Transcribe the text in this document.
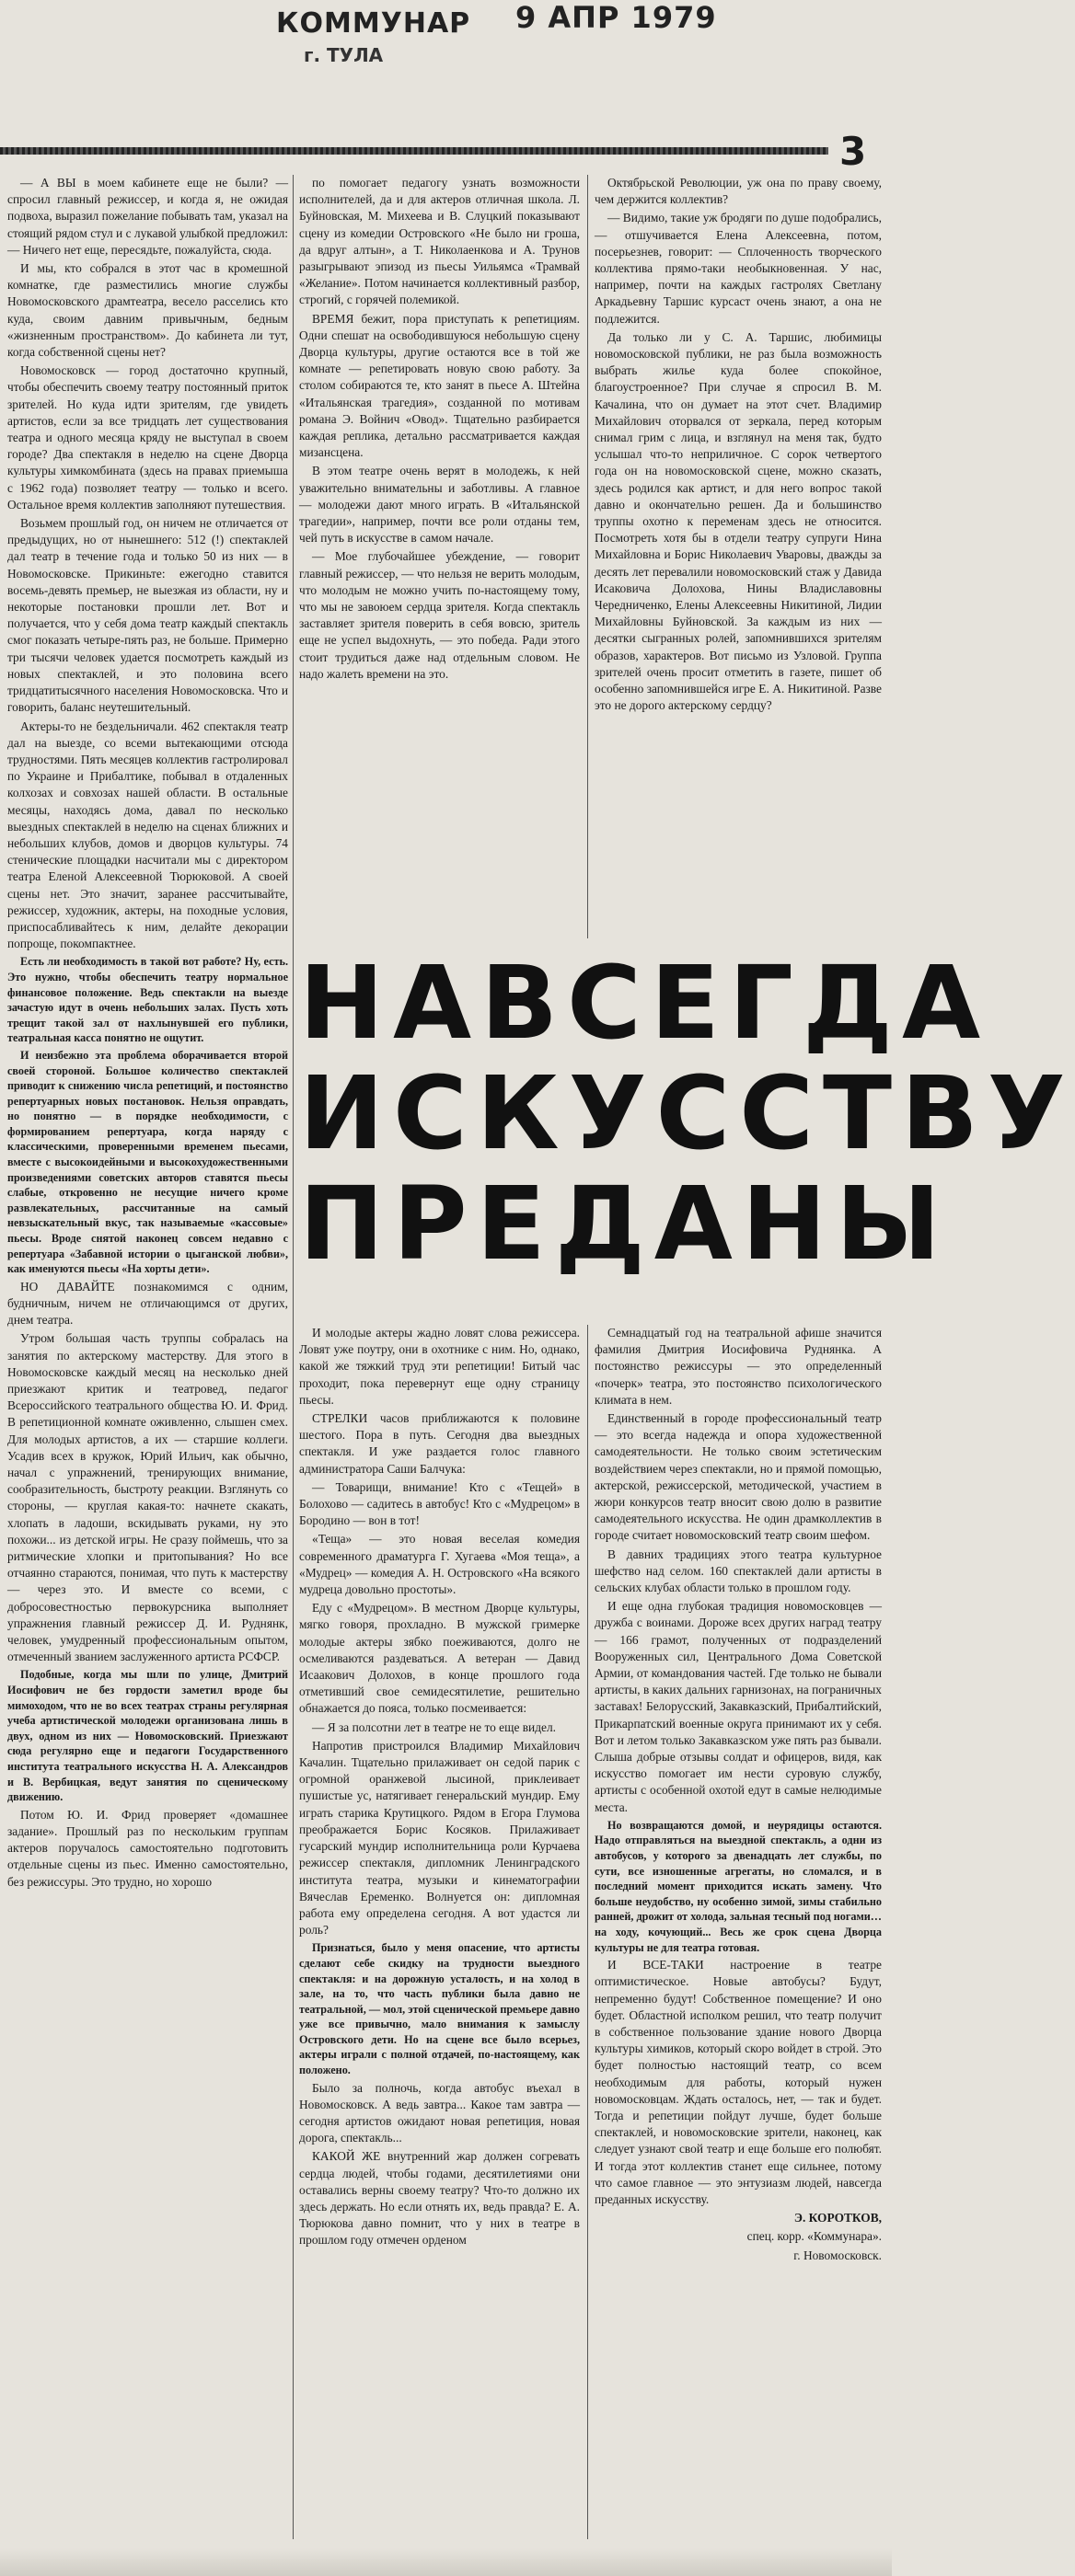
КОММУНАР
г. ТУЛА
9 АПР 1979
3

— А ВЫ в моем кабинете еще не были? — спросил главный режиссер, и когда я, не ожидая подвоха, выразил пожелание побывать там, указал на стоящий рядом стул и с лукавой улыбкой предложил: — Ничего нет еще, пересядьте, пожалуйста, сюда.

И мы, кто собрался в этот час в кромешной комнатке, где разместились многие службы Новомосковского драмтеатра, весело расселись кто куда, своим давним привычным, бедным «жизненным пространством». До кабинета ли тут, когда собственной сцены нет?

Новомосковск — город достаточно крупный, чтобы обеспечить своему театру постоянный приток зрителей. Но куда идти зрителям, где увидеть артистов, если за все тридцать лет существования театра и одного месяца кряду не выступал в своем городе? Два спектакля в неделю на сцене Дворца культуры химкомбината (здесь на правах приемыша с 1962 года) позволяет театру — только и всего. Остальное время коллектив заполняют путешествия.

Возьмем прошлый год, он ничем не отличается от предыдущих, но от нынешнего: 512 (!) спектаклей дал театр в течение года и только 50 из них — в Новомосковске. Прикиньте: ежегодно ставится восемь-девять премьер, не выезжая из области, ну и некоторые постановки прошли лет. Вот и получается, что у себя дома театр каждый спектакль смог показать четыре-пять раз, не больше. Примерно три тысячи человек удается посмотреть каждый из новых спектаклей, и это половина всего тридцатитысячного населения Новомосковска. Что и говорить, баланс неутешительный.

Актеры-то не бездельничали. 462 спектакля театр дал на выезде, со всеми вытекающими отсюда трудностями. Пять месяцев коллектив гастролировал по Украине и Прибалтике, побывал в отдаленных колхозах и совхозах нашей области. В остальные месяцы, находясь дома, давал по несколько выездных спектаклей в неделю на сценах ближних и небольших клубов, домов и дворцов культуры. 74 стенические площадки насчитали мы с директором театра Еленой Алексеевной Тюрюковой. А своей сцены нет. Это значит, заранее рассчитывайте, режиссер, художник, актеры, на походные условия, приспосабливайтесь к ним, делайте декорации попроще, покомпактнее.

Есть ли необходимость в такой вот работе? Ну, есть. Это нужно, чтобы обеспечить театру нормальное финансовое положение. Ведь спектакли на выезде зачастую идут в очень небольших залах. Пусть хоть трещит такой зал от нахлынувшей его публики, театральная касса понятно не ощутит.

И неизбежно эта проблема оборачивается второй своей стороной. Большое количество спектаклей приводит к снижению числа репетиций, и постоянство репертуарных новых постановок. Нельзя оправдать, но понятно — в порядке необходимости, с формированием репертуара, когда наряду с классическими, проверенными временем пьесами, вместе с высокоидейными и высокохудожественными произведениями советских авторов ставятся пьесы слабые, откровенно не несущие ничего кроме развлекательных, рассчитанные на самый невзыскательный вкус, так называемые «кассовые» пьесы. Вроде снятой наконец совсем недавно с репертуара «Забавной истории о цыганской любви», как именуются пьесы «На хорты дети».

НО ДАВАЙТЕ познакомимся с одним, будничным, ничем не отличающимся от других, днем театра.

Утром большая часть труппы собралась на занятия по актерскому мастерству. Для этого в Новомосковске каждый месяц на несколько дней приезжают критик и театровед, педагог Всероссийского театрального общества Ю. И. Фрид. В репетиционной комнате оживленно, слышен смех. Для молодых артистов, а их — старшие коллеги. Усадив всех в кружок, Юрий Ильич, как обычно, начал с упражнений, тренирующих внимание, сообразительность, быстроту реакции. Взглянуть со стороны, — круглая какая-то: начнете скакать, хлопать в ладоши, вскидывать руками, ну это похожи... из детской игры. Не сразу поймешь, что за ритмические хлопки и притопывания? Но все отчаянно стараются, понимая, что путь к мастерству — через это. И вместе со всеми, с добросовестностью первокурсника выполняет упражнения главный режиссер Д. И. Руднянк, человек, умудренный профессиональным опытом, отмеченный званием заслуженного артиста РСФСР.

Подобные, когда мы шли по улице, Дмитрий Иосифович не без гордости заметил вроде бы мимоходом, что не во всех театрах страны регулярная учеба артистической молодежи организована лишь в двух, одном из них — Новомосковский. Приезжают сюда регулярно еще и педагоги Государственного института театрального искусства Н. А. Александров и В. Вербицкая, ведут занятия по сценическому движению.

Потом Ю. И. Фрид проверяет «домашнее задание». Прошлый раз по нескольким группам актеров поручалось самостоятельно подготовить отдельные сцены из пьес. Именно самостоятельно, без режиссуры. Это трудно, но хорошо

по помогает педагогу узнать возможности исполнителей, да и для актеров отличная школа. Л. Буйновская, М. Михеева и В. Слуцкий показывают сцену из комедии Островского «Не было ни гроша, да вдруг алтын», а Т. Николаенкова и А. Трунов разыгрывают эпизод из пьесы Уильямса «Трамвай «Желание». Потом начинается коллективный разбор, строгий, с горячей полемикой.

ВРЕМЯ бежит, пора приступать к репетициям. Одни спешат на освободившуюся небольшую сцену Дворца культуры, другие остаются все в той же комнате — репетировать новую свою работу. За столом собираются те, кто занят в пьесе А. Штейна «Итальянская трагедия», созданной по мотивам романа Э. Войнич «Овод». Тщательно разбирается каждая реплика, детально рассматривается каждая мизансцена.

В этом театре очень верят в молодежь, к ней уважительно внимательны и заботливы. А главное — молодежи дают много играть. В «Итальянской трагедии», например, почти все роли отданы тем, чей путь в искусстве в самом начале.

— Мое глубочайшее убеждение, — говорит главный режиссер, — что нельзя не верить молодым, что молодым не можно учить по-настоящему тому, что мы не завоюем сердца зрителя. Когда спектакль заставляет зрителя поверить в себя вовсю, зритель еще не успел выдохнуть, — это победа. Ради этого стоит трудиться даже над отдельным словом. Не надо жалеть времени на это.

Октябрьской Революции, уж она по праву своему, чем держится коллектив?

— Видимо, такие уж бродяги по душе подобрались, — отшучивается Елена Алексеевна, потом, посерьезнев, говорит: — Сплоченность творческого коллектива прямо-таки необыкновенная. У нас, например, почти на каждых гастролях Светлану Аркадьевну Таршис курсаст очень знают, а она не подлежится.

Да только ли у С. А. Таршис, любимицы новомосковской публики, не раз была возможность выбрать жилье куда более спокойное, благоустроенное? При случае я спросил В. М. Качалина, что он думает на этот счет. Владимир Михайлович оторвался от зеркала, перед которым снимал грим с лица, и взглянул на меня так, будто услышал что-то неприличное. С сорок четвертого года он на новомосковской сцене, можно сказать, здесь родился как артист, и для него вопрос такой давно и окончательно решен. Да и большинство труппы охотно к переменам здесь не относится. Посмотреть хотя бы в отдели театру супруги Нина Михайловна и Борис Николаевич Уваровы, дважды за десять лет перевалили новомосковский стаж у Давида Исаковича Долохова, Нины Владиславовны Чередниченко, Елены Алексеевны Никитиной, Лидии Михайловны Буйновской. За каждым из них — десятки сыгранных ролей, запомнившихся зрителям образов, характеров. Вот письмо из Узловой. Группа зрителей очень просит отметить в газете, пишет об особенно запомнившейся игре Е. А. Никитиной. Разве это не дорого актерскому сердцу?

НАВСЕГДА
ИСКУССТВУ
ПРЕДАНЫ

И молодые актеры жадно ловят слова режиссера. Ловят уже поутру, они в охотнике с ним. Но, однако, какой же тяжкий труд эти репетиции! Битый час проходит, пока перевернут еще одну страницу пьесы.

СТРЕЛКИ часов приближаются к половине шестого. Пора в путь. Сегодня два выездных спектакля. И уже раздается голос главного администратора Саши Балчука:

— Товарищи, внимание! Кто с «Тещей» в Болохово — садитесь в автобус! Кто с «Мудрецом» в Бородино — вон в тот!

«Теща» — это новая веселая комедия современного драматурга Г. Хугаева «Моя теща», а «Мудрец» — комедия А. Н. Островского «На всякого мудреца довольно простоты».

Еду с «Мудрецом». В местном Дворце культуры, мягко говоря, прохладно. В мужской гримерке молодые актеры зябко поеживаются, долго не осмеливаются раздеваться. А ветеран — Давид Исаакович Долохов, в конце прошлого года отметивший свое семидесятилетие, решительно обнажается до пояса, только посмеивается:

— Я за полсотни лет в театре не то еще видел.

Напротив пристроился Владимир Михайлович Качалин. Тщательно прилаживает он седой парик с огромной оранжевой лысиной, приклеивает пушистые ус, натягивает генеральский мундир. Ему играть старика Крутицкого. Рядом в Егора Глумова преображается Борис Косяков. Прилаживает гусарский мундир исполнительница роли Курчаева режиссер спектакля, дипломник Ленинградского института театра, музыки и кинематографии Вячеслав Еременко. Волнуется он: дипломная работа ему определена сегодня. А вот удастся ли роль?

Признаться, было у меня опасение, что артисты сделают себе скидку на трудности выездного спектакля: и на дорожную усталость, и на холод в зале, на то, что часть публики была давно не театральной, — мол, этой сценической премьере давно уже все привычно, мало внимания к замыслу Островского дети. Но на сцене все было всерьез, актеры играли с полной отдачей, по-настоящему, как положено.

Было за полночь, когда автобус въехал в Новомосковск. А ведь завтра... Какое там завтра — сегодня артистов ожидают новая репетиция, новая дорога, спектакль...

КАКОЙ ЖЕ внутренний жар должен согревать сердца людей, чтобы годами, десятилетиями они оставались верны своему театру? Что-то должно их здесь держать. Но если отнять их, ведь правда? Е. А. Тюрюкова давно помнит, что у них в театре в прошлом году отмечен орденом

Семнадцатый год на театральной афише значится фамилия Дмитрия Иосифовича Руднянка. А постоянство режиссуры — это определенный «почерк» театра, это постоянство психологического климата в нем.

Единственный в городе профессиональный театр — это всегда надежда и опора художественной самодеятельности. Не только своим эстетическим воздействием через спектакли, но и прямой помощью, актерской, режиссерской, методической, участием в жюри конкурсов театр вносит свою долю в развитие самодеятельного искусства. Не один драмколлектив в городе считает новомосковский театр своим шефом.

В давних традициях этого театра культурное шефство над селом. 160 спектаклей дали артисты в сельских клубах области только в прошлом году.

И еще одна глубокая традиция новомосковцев — дружба с воинами. Дороже всех других наград театру — 166 грамот, полученных от подразделений Вооруженных сил, Центрального Дома Советской Армии, от командования частей. Где только не бывали артисты, в каких дальних гарнизонах, на пограничных заставах! Белорусский, Закавказский, Прибалтийский, Прикарпатский военные округа принимают их у себя. Вот и летом только Закавказском уже пять раз бывали. Слыша добрые отзывы солдат и офицеров, видя, как искусство помогает им нести суровую службу, артисты с особенной охотой едут в самые нелюдимые места.

Но возвращаются домой, и неурядицы остаются. Надо отправляться на выездной спектакль, а одни из автобусов, у которого за двенадцать лет службы, по сути, все изношенные агрегаты, но сломался, и в последний момент приходится искать замену. Что больше неудобство, ну особенно зимой, зимы стабильно ранней, дрожит от холода, зальная тесный под ногами… на ходу, кочующий... Весь же срок сцена Дворца культуры не для театра готовая.

И ВСЕ-ТАКИ настроение в театре оптимистическое. Новые автобусы? Будут, непременно будут! Собственное помещение? И оно будет. Областной исполком решил, что театр получит в собственное пользование здание нового Дворца культуры химиков, который скоро войдет в строй. Это будет полностью настоящий театр, со всем необходимым для работы, который нужен новомосковцам. Ждать осталось, нет, — так и будет. Тогда и репетиции пойдут лучше, будет больше спектаклей, и новомосковские зрители, наконец, как следует узнают свой театр и еще больше его полюбят. И тогда этот коллектив станет еще сильнее, потому что самое главное — это энтузиазм людей, навсегда преданных искусству.

Э. КОРОТКОВ,

спец. корр. «Коммунара».

г. Новомосковск.
